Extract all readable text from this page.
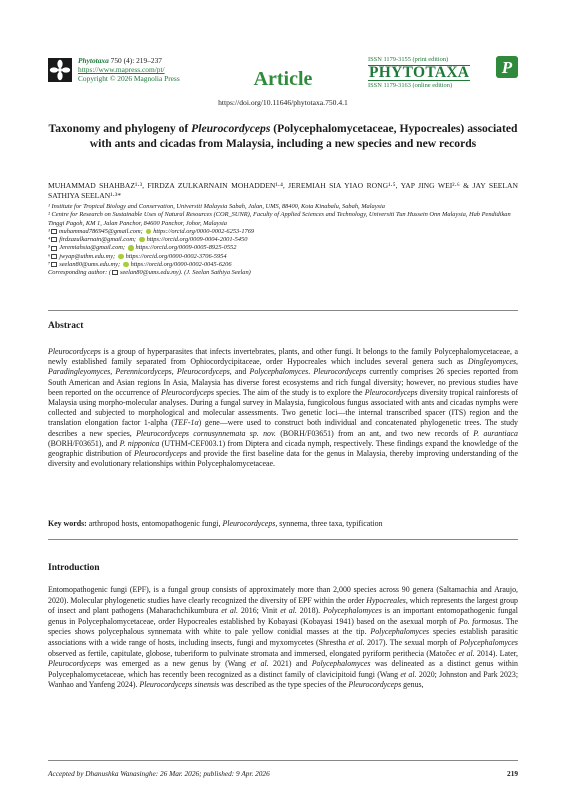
Phytotaxa 750 (4): 219–237
https://www.mapress.com/pt/
Copyright © 2026 Magnolia Press	Article
ISSN 1179-3155 (print edition)
PHYTOTAXA
ISSN 1179-3163 (online edition)
P
https://doi.org/10.11646/phytotaxa.750.4.1
Taxonomy and phylogeny of Pleurocordyceps (Polycephalomycetaceae, Hypocreales) associated with ants and cicadas from Malaysia, including a new species and new records
MUHAMMAD SHAHBAZ¹·³, FIRDZA ZULKARNAIN MOHADDEN¹·⁴, JEREMIAH SIA YIAO RONG¹·⁵, YAP JING WEI²·⁶ & JAY SEELAN SATHIYA SEELAN¹·³*
¹ Institute for Tropical Biology and Conservation, Universiti Malaysia Sabah, Jalan, UMS, 88400, Kota Kinabalu, Sabah, Malaysia
² Centre for Research on Sustainable Uses of Natural Resources (COR_SUNR), Faculty of Applied Sciences and Technology, Universiti Tun Hussein Onn Malaysia, Hab Pendidikan Tinggi Pagoh, KM 1, Jalan Panchor, 84600 Panchor, Johor, Malaysia
³ muhammad786945@gmail.com; https://orcid.org/0000-0002-6253-1769
⁴ firdzazulkarnain@gmail.com; https://orcid.org/0009-0004-2001-5450
⁵ Jeremiahsia@gmail.com; https://orcid.org/0009-0005-8925-0552
⁶ jwyap@uthm.edu.my; https://orcid.org/0000-0002-3706-5954
⁷ seelan80@ums.edu.my; https://orcid.org/0000-0002-0045-6206
Corresponding author: ( seelan80@ums.edu.my). (J. Seelan Sathiya Seelan)
Abstract
Pleurocordyceps is a group of hyperparasites that infects invertebrates, plants, and other fungi. It belongs to the family Polycephalomycetaceae, a newly established family separated from Ophiocordycipitaceae, order Hypocreales which includes several genera such as Dingleyomyces, Paradingleyomyces, Perennicordyceps, Pleurocordyceps, and Polycephalomyces. Pleurocordyceps currently comprises 26 species reported from South American and Asian regions In Asia, Malaysia has diverse forest ecosystems and rich fungal diversity; however, no previous studies have been reported on the occurrence of Pleurocordyceps species. The aim of the study is to explore the Pleurocordyceps diversity tropical rainforests of Malaysia using morpho-molecular analyses. During a fungal survey in Malaysia, fungicolous fungus associated with ants and cicadas nymphs were collected and subjected to morphological and molecular assessments. Two genetic loci—the internal transcribed spacer (ITS) region and the translation elongation factor 1-alpha (TEF-1α) gene—were used to construct both individual and concatenated phylogenetic trees. The study describes a new species, Pleurocordyceps cornusynnemata sp. nov. (BORH/F03651) from an ant, and two new records of P. aurantiaca (BORH/F03651), and P. nipponica (UTHM-CEF003.1) from Diptera and cicada nymph, respectively. These findings expand the knowledge of the geographic distribution of Pleurocordyceps and provide the first baseline data for the genus in Malaysia, thereby improving understanding of the diversity and evolutionary relationships within Polycephalomycetaceae.
Key words: arthropod hosts, entomopathogenic fungi, Pleurocordyceps, synnema, three taxa, typification
Introduction
Entomopathogenic fungi (EPF), is a fungal group consists of approximately more than 2,000 species across 90 genera (Saltamachia and Araujo, 2020). Molecular phylogenetic studies have clearly recognized the diversity of EPF within the order Hypocreales, which represents the largest group of insect and plant pathogens (Maharachchikumbura et al. 2016; Vinit et al. 2018). Polycephalomyces is an important entomopathogenic fungal genus in Polycephalomycetaceae, order Hypocreales established by Kobayasi (Kobayasi 1941) based on the asexual morph of Po. formosus. The species shows polycephalous synnemata with white to pale yellow conidial masses at the tip. Polycephalomyces species establish parasitic associations with a wide range of hosts, including insects, fungi and myxomycetes (Shrestha et al. 2017). The sexual morph of Polycephalomyces observed as fertile, capitulate, globose, tuberiform to pulvinate stromata and immersed, elongated pyriform perithecia (Matočec et al. 2014). Later, Pleurocordyceps was emerged as a new genus by (Wang et al. 2021) and Polycephalomyces was delineated as a distinct genus within Polycephalomycetaceae, which has recently been recognized as a distinct family of clavicipitoid fungi (Wang et al. 2020; Johnston and Park 2023; Wanhao and Yanfeng 2024). Pleurocordyceps sinensis was described as the type species of the Pleurocordyceps genus,
Accepted by Dhanushka Wanasinghe: 26 Mar. 2026; published: 9 Apr. 2026	219
